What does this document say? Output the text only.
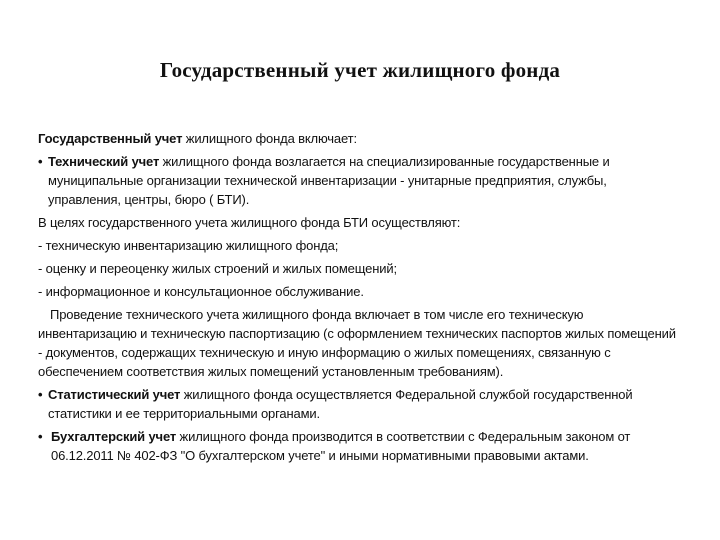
Государственный учет жилищного фонда

Государственный учет жилищного фонда включает:

• Технический учет жилищного фонда возлагается на специализированные государственные и муниципальные организации технической инвентаризации - унитарные предприятия, службы, управления, центры, бюро ( БТИ).

В целях государственного учета жилищного фонда БТИ осуществляют:

- техническую инвентаризацию жилищного фонда;

- оценку и переоценку жилых строений и жилых помещений;

- информационное и консультационное обслуживание.

Проведение технического учета жилищного фонда включает в том числе его техническую инвентаризацию и техническую паспортизацию (с оформлением технических паспортов жилых помещений - документов, содержащих техническую и иную информацию о жилых помещениях, связанную с обеспечением соответствия жилых помещений установленным требованиям).

• Статистический учет жилищного фонда осуществляется Федеральной службой государственной статистики и ее территориальными органами.
• Бухгалтерский учет жилищного фонда производится в соответствии с Федеральным законом от 06.12.2011 № 402-ФЗ "О бухгалтерском учете" и иными нормативными правовыми актами.
